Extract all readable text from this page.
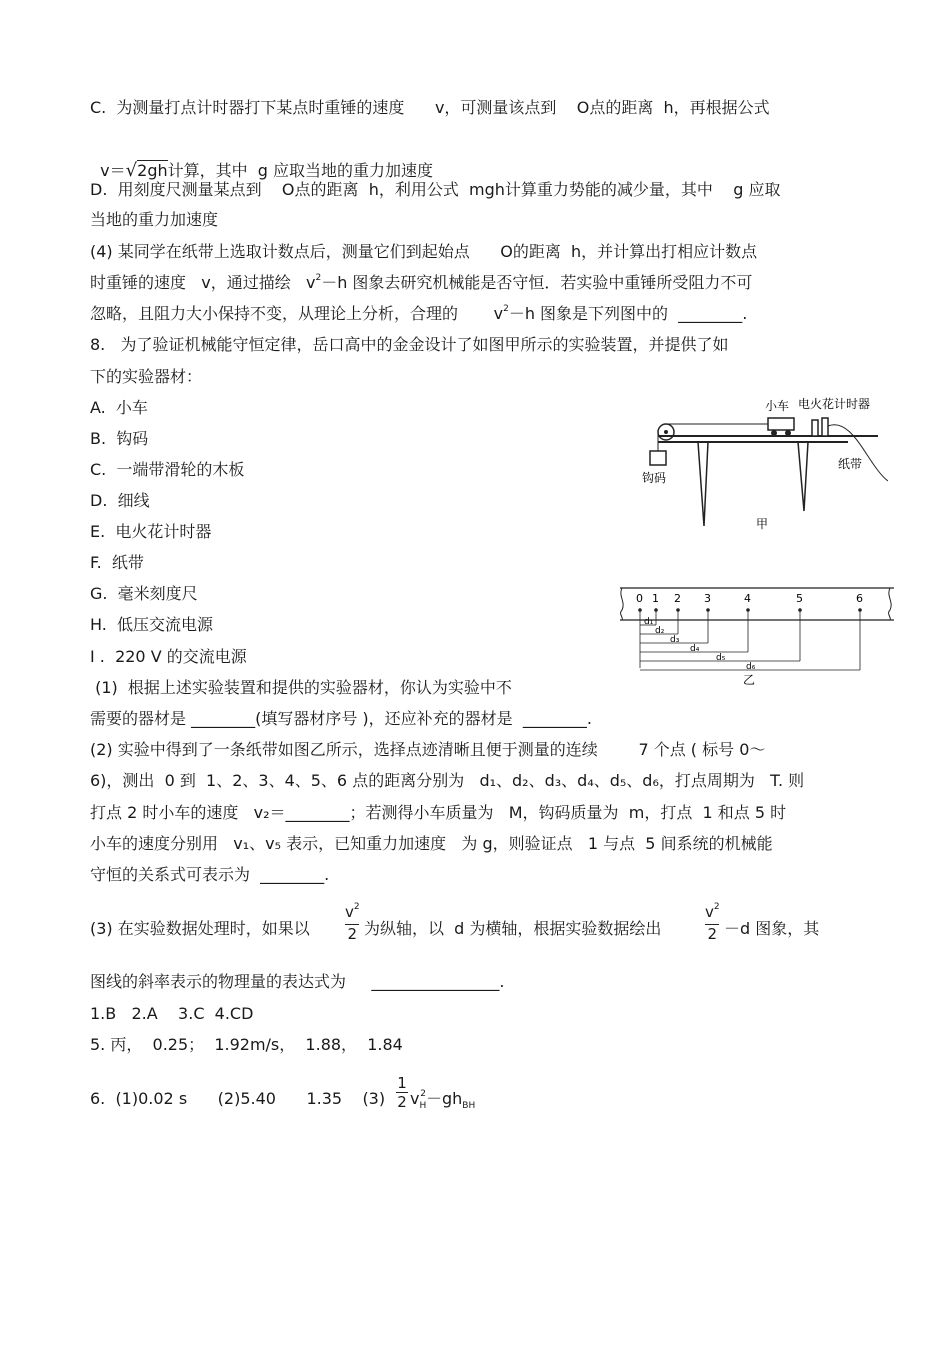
C.  为测量打点计时器打下某点时重锤的速度      v，可测量该点到    O点的距离  h，再根据公式

v＝√2gh计算，其中  g 应取当地的重力加速度

D.  用刻度尺测量某点到    O点的距离  h，利用公式  mgh计算重力势能的减少量，其中    g 应取
当地的重力加速度
(4) 某同学在纸带上选取计数点后，测量它们到起始点      O的距离  h，并计算出打相应计数点
时重锤的速度   v，通过描绘   $v^2-h$ 图象去研究机械能是否守恒．若实验中重锤所受阻力不可
忽略，且阻力大小保持不变，从理论上分析，合理的       $v^2-h$ 图象是下列图中的  ________.
8.   为了验证机械能守恒定律，岳口高中的金金设计了如图甲所示的实验装置，并提供了如
下的实验器材：
A.  小车
B.  钩码
C.  一端带滑轮的木板
D.  细线
E.  电火花计时器
F.  纸带
G.  毫米刻度尺
H.  低压交流电源
I .  220 V 的交流电源
(1)  根据上述实验装置和提供的实验器材，你认为实验中不
需要的器材是 ________(填写器材序号 )，还应补充的器材是  ________.
(2) 实验中得到了一条纸带如图乙所示，选择点迹清晰且便于测量的连续        7 个点 ( 标号 0～
6)，测出  0 到  1、2、3、4、5、6 点的距离分别为   d₁、d₂、d₃、d₄、d₅、d₆，打点周期为   T. 则
打点 2 时小车的速度   v₂＝________；若测得小车质量为   M，钩码质量为  m，打点  1 和点 5 时
小车的速度分别用   v₁、v₅ 表示，已知重力加速度   为 g，则验证点   1 与点  5 间系统的机械能
守恒的关系式可表示为  ________.
(3) 在实验数据处理时，如果以
$v^2$
2 为纵轴，以  d 为横轴，根据实验数据绘出
$v^2$
2 －d 图象，其
图线的斜率表示的物理量的表达式为     ________________.
1.B   2.A    3.C  4.CD
5. 丙，  0.25；  1.92m/s，  1.88，  1.84
6.  (1)0.02 s      (2)5.40      1.35    (3)
1
2 $v_H^2-gh_{BH}$
小车 电火花计时器
钩码
纸带
甲
0 1 2 3	4	5	6
d₁
d₂
d₃
d₄
d₅
d₆
乙
